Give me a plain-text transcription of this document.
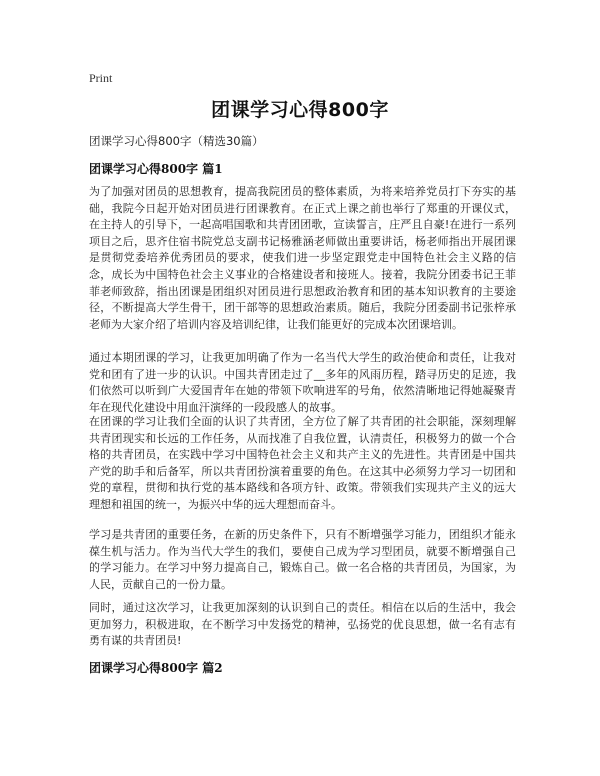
Print
团课学习心得800字
团课学习心得800字（精选30篇）
团课学习心得800字 篇1
为了加强对团员的思想教育，提高我院团员的整体素质，为将来培养党员打下夯实的基础，我院今日起开始对团员进行团课教育。在正式上课之前也举行了郑重的开课仪式，在主持人的引导下，一起高唱国歌和共青团团歌，宣读誓言，庄严且自豪!在进行一系列项目之后，思齐住宿书院党总支副书记杨雅涵老师做出重要讲话，杨老师指出开展团课是贯彻党委培养优秀团员的要求，使我们进一步坚定跟党走中国特色社会主义路的信念，成长为中国特色社会主义事业的合格建设者和接班人。接着，我院分团委书记王菲菲老师致辞，指出团课是团组织对团员进行思想政治教育和团的基本知识教育的主要途径，不断提高大学生骨干，团干部等的思想政治素质。随后，我院分团委副书记张梓承老师为大家介绍了培训内容及培训纪律，让我们能更好的完成本次团课培训。
通过本期团课的学习，让我更加明确了作为一名当代大学生的政治使命和责任，让我对党和团有了进一步的认识。中国共青团走过了__多年的风雨历程，踏寻历史的足迹，我们依然可以听到广大爱国青年在她的带领下吹响进军的号角，依然清晰地记得她凝聚青年在现代化建设中用血汗演绎的一段段感人的故事。
在团课的学习让我们全面的认识了共青团，全方位了解了共青团的社会职能，深刻理解共青团现实和长远的工作任务，从而找准了自我位置，认清责任，积极努力的做一个合格的共青团员，在实践中学习中国特色社会主义和共产主义的先进性。共青团是中国共产党的助手和后备军，所以共青团扮演着重要的角色。在这其中必须努力学习一切团和党的章程，贯彻和执行党的基本路线和各项方针、政策。带领我们实现共产主义的远大理想和祖国的统一，为振兴中华的远大理想而奋斗。
学习是共青团的重要任务，在新的历史条件下，只有不断增强学习能力，团组织才能永葆生机与活力。作为当代大学生的我们，要使自己成为学习型团员，就要不断增强自己的学习能力。在学习中努力提高自己，锻炼自己。做一名合格的共青团员，为国家，为人民，贡献自己的一份力量。
同时，通过这次学习，让我更加深刻的认识到自己的责任。相信在以后的生活中，我会更加努力，积极进取，在不断学习中发扬党的精神，弘扬党的优良思想，做一名有志有勇有谋的共青团员!
团课学习心得800字 篇2
